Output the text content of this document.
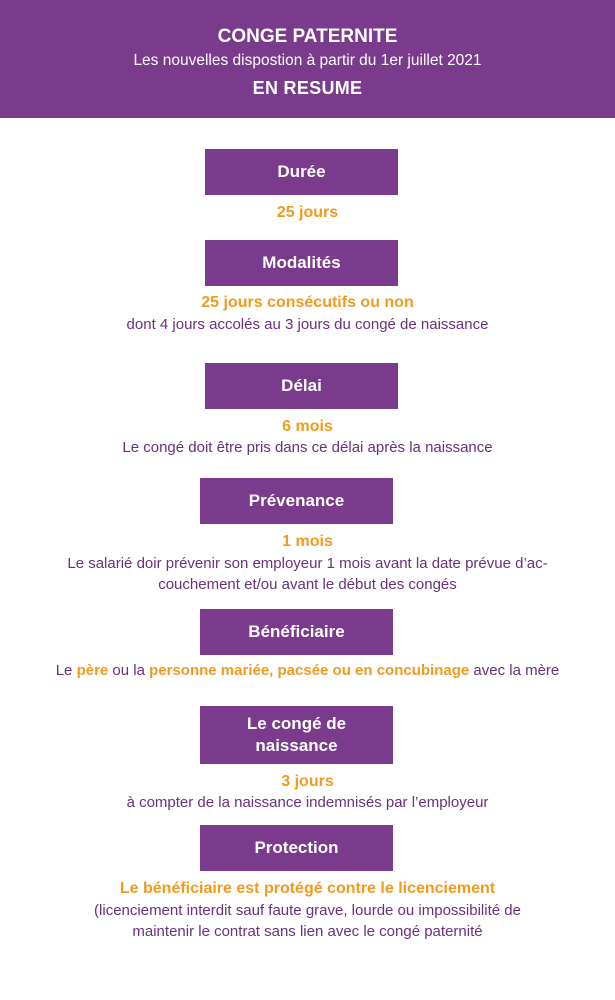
CONGE PATERNITE
Les nouvelles dispostion à partir du 1er juillet 2021
EN RESUME
Durée
25 jours
Modalités
25 jours consécutifs ou non
dont 4 jours accolés au 3 jours du congé de naissance
Délai
6 mois
Le congé doit être pris dans ce délai après la naissance
Prévenance
1 mois
Le salarié doir prévenir son employeur 1 mois avant la date prévue d’ac-
couchement et/ou avant le début des congés
Bénéficiaire
Le père ou la personne mariée, pacsée ou en concubinage avec la mère
Le congé de
naissance
3 jours
à compter de la naissance indemnisés par l’employeur
Protection
Le bénéficiaire est protégé contre le licenciement
(licenciement interdit sauf faute grave, lourde ou impossibilité de
maintenir le contrat sans lien avec le congé paternité
